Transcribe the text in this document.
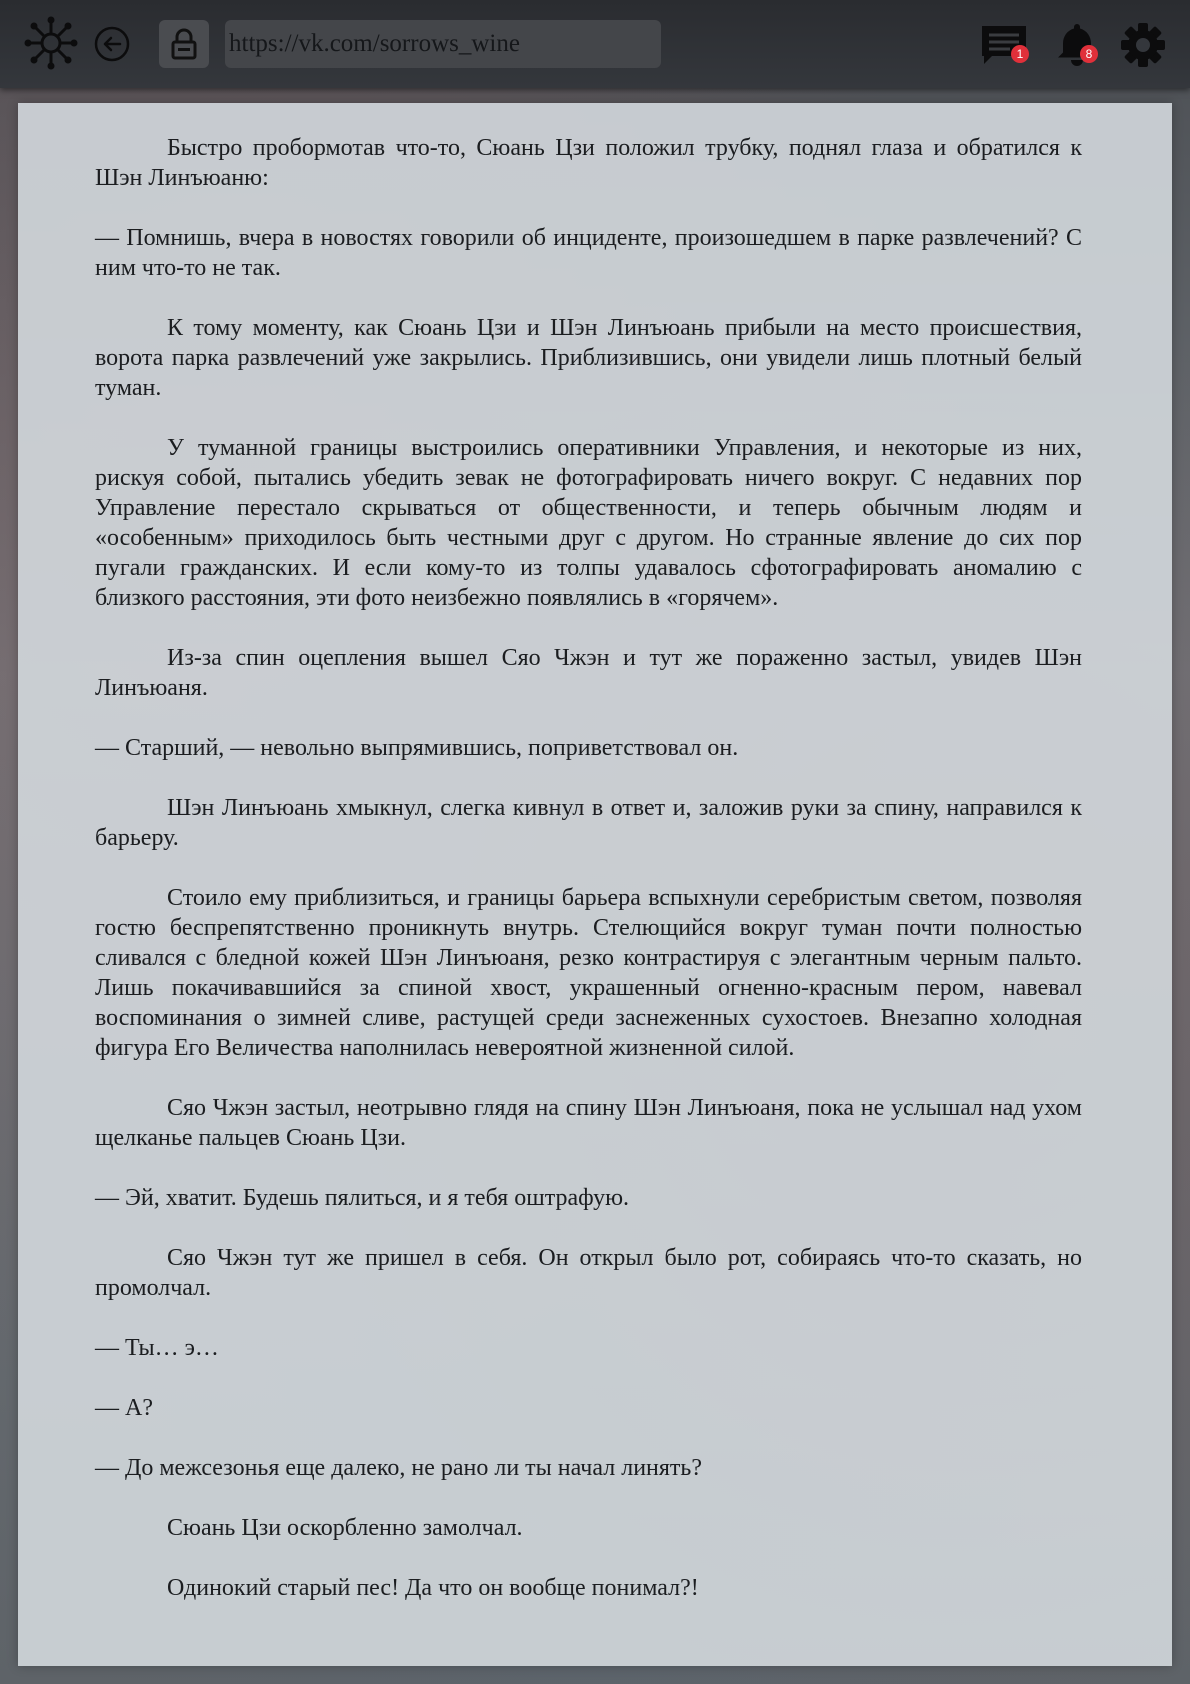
https://vk.com/sorrows_wine	1	8

Быстро пробормотав что-то, Сюань Цзи положил трубку, поднял глаза и обратился к Шэн Линъюаню:

— Помнишь, вчера в новостях говорили об инциденте, произошедшем в парке развлечений? С ним что-то не так.

К тому моменту, как Сюань Цзи и Шэн Линъюань прибыли на место происшествия, ворота парка развлечений уже закрылись. Приблизившись, они увидели лишь плотный белый туман.

У туманной границы выстроились оперативники Управления, и некоторые из них, рискуя собой, пытались убедить зевак не фотографировать ничего вокруг. С недавних пор Управление перестало скрываться от общественности, и теперь обычным людям и «особенным» приходилось быть честными друг с другом. Но странные явление до сих пор пугали гражданских. И если кому-то из толпы удавалось сфотографировать аномалию с близкого расстояния, эти фото неизбежно появлялись в «горячем».

Из-за спин оцепления вышел Сяо Чжэн и тут же пораженно застыл, увидев Шэн Линъюаня.

— Старший, — невольно выпрямившись, поприветствовал он.

Шэн Линъюань хмыкнул, слегка кивнул в ответ и, заложив руки за спину, направился к барьеру.

Стоило ему приблизиться, и границы барьера вспыхнули серебристым светом, позволяя гостю беспрепятственно проникнуть внутрь. Стелющийся вокруг туман почти полностью сливался с бледной кожей Шэн Линъюаня, резко контрастируя с элегантным черным пальто. Лишь покачивавшийся за спиной хвост, украшенный огненно-красным пером, навевал воспоминания о зимней сливе, растущей среди заснеженных сухостоев. Внезапно холодная фигура Его Величества наполнилась невероятной жизненной силой.

Сяо Чжэн застыл, неотрывно глядя на спину Шэн Линъюаня, пока не услышал над ухом щелканье пальцев Сюань Цзи.

— Эй, хватит. Будешь пялиться, и я тебя оштрафую.

Сяо Чжэн тут же пришел в себя. Он открыл было рот, собираясь что-то сказать, но промолчал.

— Ты… э…

— А?

— До межсезонья еще далеко, не рано ли ты начал линять?

Сюань Цзи оскорбленно замолчал.

Одинокий старый пес! Да что он вообще понимал?!
